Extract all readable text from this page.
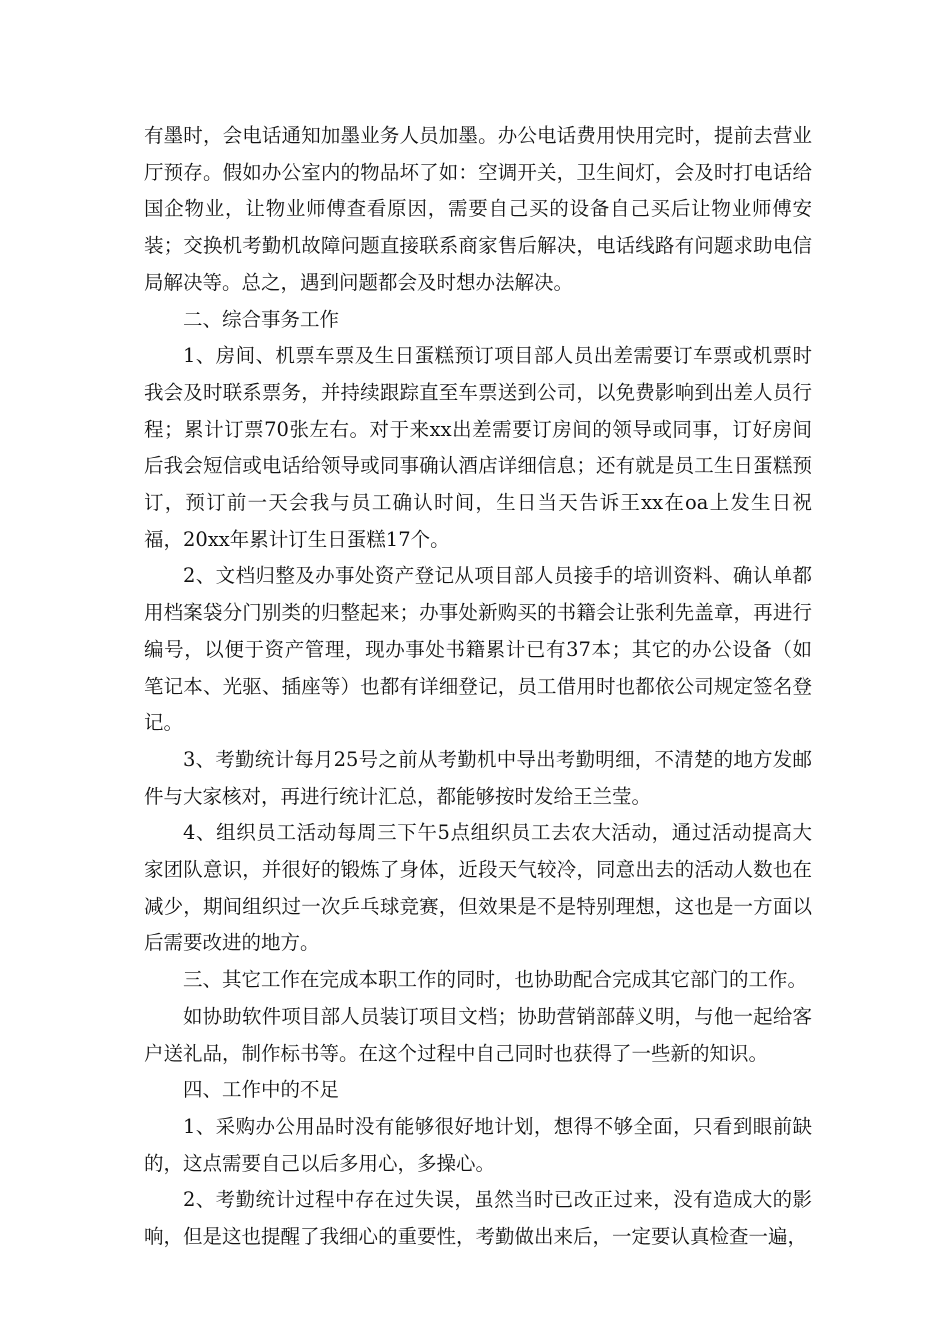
有墨时，会电话通知加墨业务人员加墨。办公电话费用快用完时，提前去营业厅预存。假如办公室内的物品坏了如：空调开关，卫生间灯，会及时打电话给国企物业，让物业师傅查看原因，需要自己买的设备自己买后让物业师傅安装；交换机考勤机故障问题直接联系商家售后解决，电话线路有问题求助电信局解决等。总之，遇到问题都会及时想办法解决。

二、综合事务工作

1、房间、机票车票及生日蛋糕预订项目部人员出差需要订车票或机票时我会及时联系票务，并持续跟踪直至车票送到公司，以免费影响到出差人员行程；累计订票70张左右。对于来xx出差需要订房间的领导或同事，订好房间后我会短信或电话给领导或同事确认酒店详细信息；还有就是员工生日蛋糕预订，预订前一天会我与员工确认时间，生日当天告诉王xx在oa上发生日祝福，20xx年累计订生日蛋糕17个。

2、文档归整及办事处资产登记从项目部人员接手的培训资料、确认单都用档案袋分门别类的归整起来；办事处新购买的书籍会让张利先盖章，再进行编号，以便于资产管理，现办事处书籍累计已有37本；其它的办公设备（如笔记本、光驱、插座等）也都有详细登记，员工借用时也都依公司规定签名登记。

3、考勤统计每月25号之前从考勤机中导出考勤明细，不清楚的地方发邮件与大家核对，再进行统计汇总，都能够按时发给王兰莹。

4、组织员工活动每周三下午5点组织员工去农大活动，通过活动提高大家团队意识，并很好的锻炼了身体，近段天气较冷，同意出去的活动人数也在减少，期间组织过一次乒乓球竞赛，但效果是不是特别理想，这也是一方面以后需要改进的地方。

三、其它工作在完成本职工作的同时，也协助配合完成其它部门的工作。

如协助软件项目部人员装订项目文档；协助营销部薛义明，与他一起给客户送礼品，制作标书等。在这个过程中自己同时也获得了一些新的知识。

四、工作中的不足

1、采购办公用品时没有能够很好地计划，想得不够全面，只看到眼前缺的，这点需要自己以后多用心，多操心。

2、考勤统计过程中存在过失误，虽然当时已改正过来，没有造成大的影响，但是这也提醒了我细心的重要性，考勤做出来后，一定要认真检查一遍，
